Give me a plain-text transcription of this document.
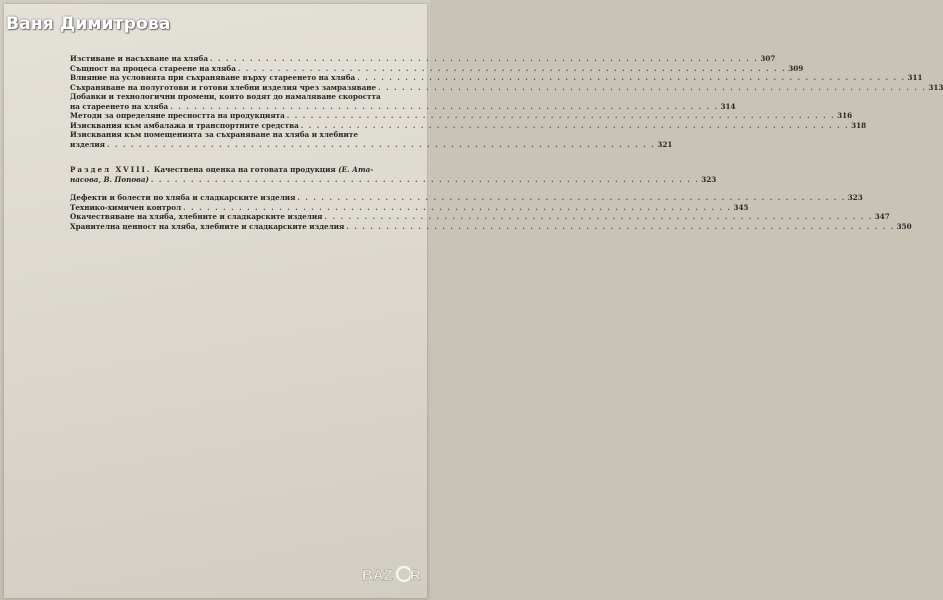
Ваня Димитрова
Изстиване и насъхване на хляба . . .	307
Същност на процеса стареене на хляба . . .	309
Влияние на условията при съхраняване върху стареенето на хляба . . .	311
Съхраняване на полуготови и готови хлебни изделия чрез замразяване . . .	313
Добавки и технологични промени, които водят до намаляване скоростта
на стареенето на хляба . . .	314
Методи за определяне пресността на продукцията . . .	316
Изисквания към амбалажа и транспортните средства . . .	318
Изисквания към помещенията за съхраняване на хляба и хлебните
изделия . . .	321
Раздел XVIII. Качествена оценка на готовата продукция (Е. Ата-
насова, В. Попова) . . .	323
Дефекти и болести по хляба и сладкарските изделия . . .	323
Технико-химичен контрол . . .	345
Окачествяване на хляба, хлебните и сладкарските изделия . . .	347
Хранителна ценност на хляба, хлебните и сладкарските изделия . . .	350
BAZ R
